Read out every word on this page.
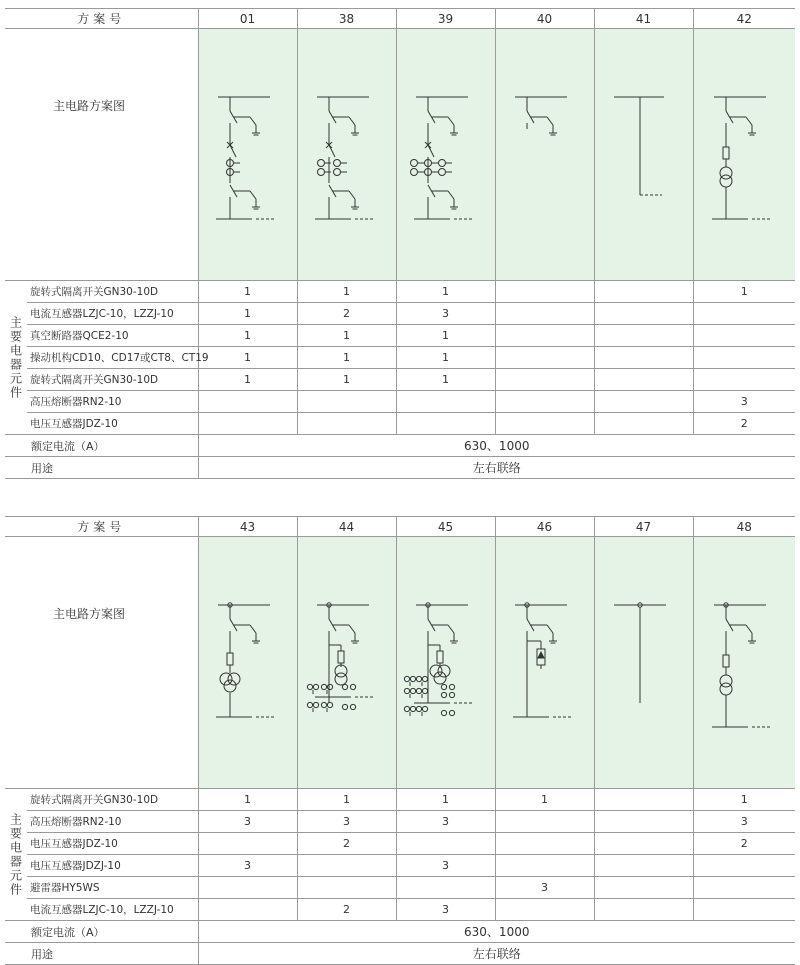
方案号		01	38	39	40	41	42
主电路方案图	

主要电器元件	旋转式隔离开关GN30-10D	1	1	1			1
	电流互感器LZJC-10，LZZJ-10	1	2	3			
	真空断路器QCE2-10	1	1	1			
	操动机构CD10、CD17或CT8、CT19	1	1	1			
	旋转式隔离开关GN30-10D	1	1	1			
	高压熔断器RN2-10						3
	电压互感器JDZ-10						2
额定电流（A）		630、1000					
用途		左右联络					
方案号		43	44	45	46	47	48
主电路方案图	

主要电器元件	旋转式隔离开关GN30-10D	1	1	1	1		1
	高压熔断器RN2-10	3	3	3			3
	电压互感器JDZ-10		2				2
	电压互感器JDZJ-10	3		3			
	避雷器HY5WS				3		
	电流互感器LZJC-10，LZZJ-10		2	3			
额定电流（A）		630、1000					
用途		左右联络					
